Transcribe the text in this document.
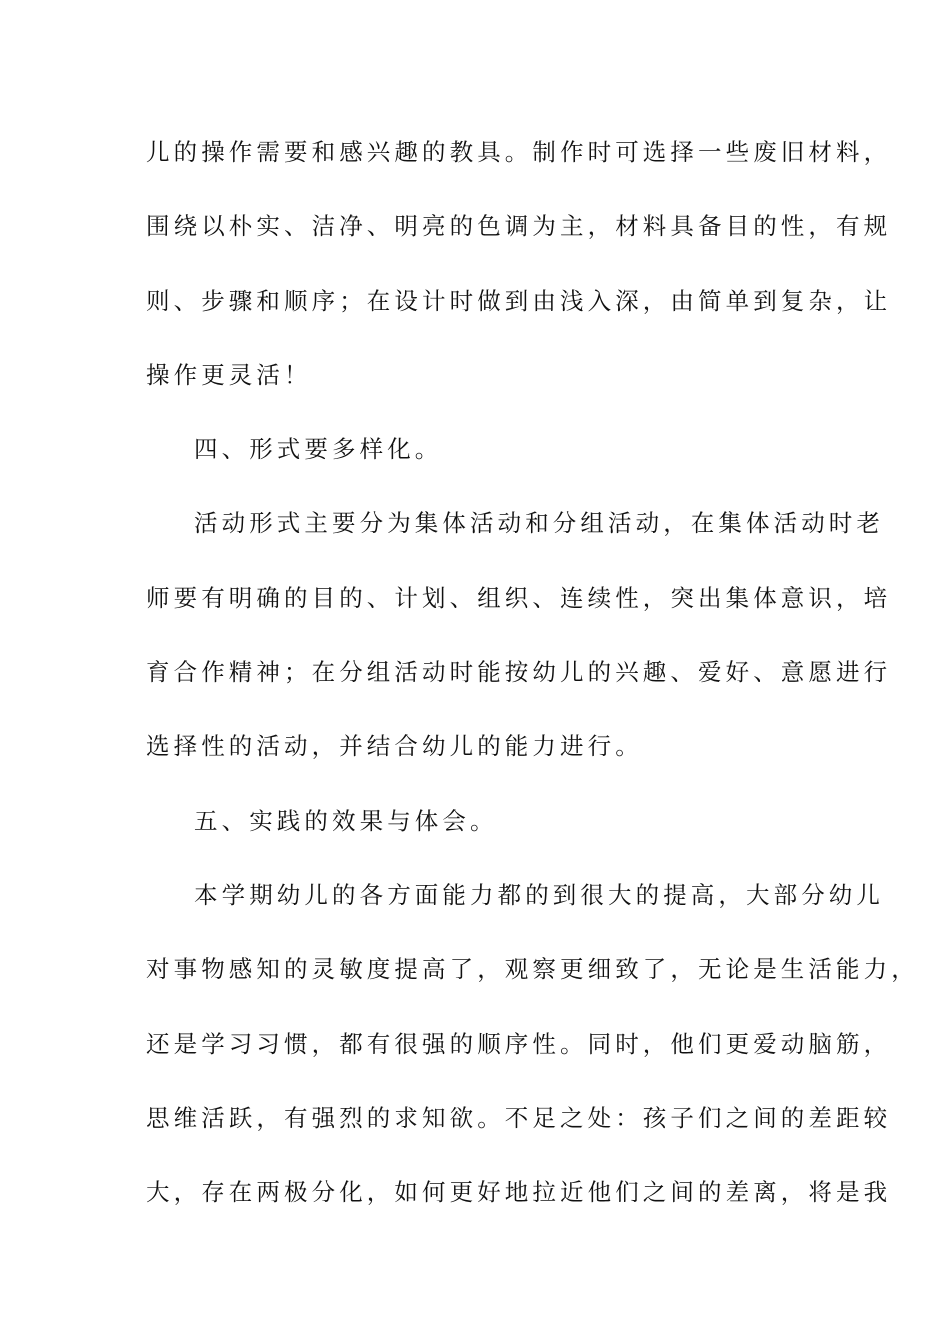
儿的操作需要和感兴趣的教具。制作时可选择一些废旧材料，
围绕以朴实、洁净、明亮的色调为主，材料具备目的性，有规
则、步骤和顺序；在设计时做到由浅入深，由简单到复杂，让
操作更灵活！
四、形式要多样化。
活动形式主要分为集体活动和分组活动，在集体活动时老
师要有明确的目的、计划、组织、连续性，突出集体意识，培
育合作精神；在分组活动时能按幼儿的兴趣、爱好、意愿进行
选择性的活动，并结合幼儿的能力进行。
五、实践的效果与体会。
本学期幼儿的各方面能力都的到很大的提高，大部分幼儿
对事物感知的灵敏度提高了，观察更细致了，无论是生活能力，
还是学习习惯，都有很强的顺序性。同时，他们更爱动脑筋，
思维活跃，有强烈的求知欲。不足之处：孩子们之间的差距较
大，存在两极分化，如何更好地拉近他们之间的差离，将是我
